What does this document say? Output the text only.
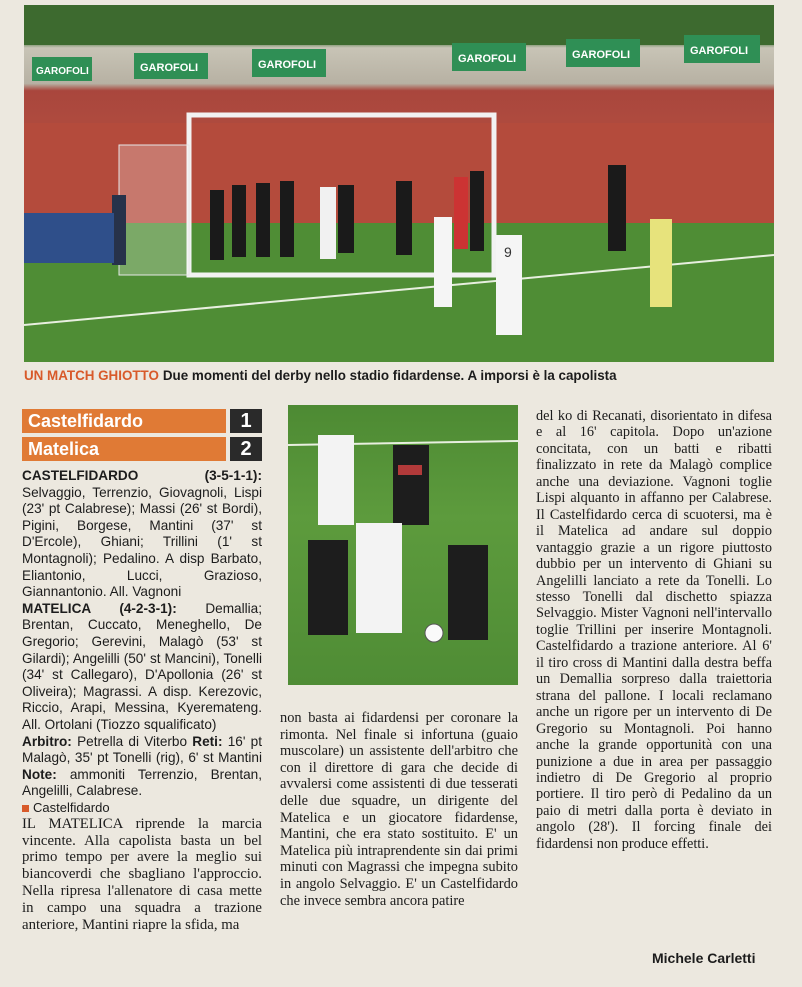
GAROFOLI	GAROFOLI	GAROFOLI	GAROFOLI	GAROFOLI	GAROFOLI
9
UN MATCH GHIOTTO Due momenti del derby nello stadio fidardense. A imporsi è la capolista
Castelfidardo	1
Matelica	2

CASTELFIDARDO (3-5-1-1): Selvaggio, Terrenzio, Giovagnoli, Lispi (23' pt Calabrese); Massi (26' st Bordi), Pigini, Borgese, Mantini (37' st D'Ercole), Ghiani; Trillini (1' st Montagnoli); Pedalino. A disp Barbato, Eliantonio, Lucci, Grazioso, Giannantonio. All. Vagnoni

MATELICA (4-2-3-1): Demallia; Brentan, Cuccato, Meneghello, De Gregorio; Gerevini, Malagò (53' st Gilardi); Angelilli (50' st Mancini), Tonelli (34' st Callegaro), D'Apollonia (26' st Oliveira); Magrassi. A disp. Kerezovic, Riccio, Arapi, Messina, Kyeremateng. All. Ortolani (Tiozzo squalificato)

Arbitro: Petrella di Viterbo Reti: 16' pt Malagò, 35' pt Tonelli (rig), 6' st Mantini Note: ammoniti Terrenzio, Brentan, Angelilli, Calabrese.

Castelfidardo

IL MATELICA riprende la marcia vincente. Alla capolista basta un bel primo tempo per avere la meglio sui biancoverdi che sbagliano l'approccio. Nella ripresa l'allenatore di casa mette in campo una squadra a trazione anteriore, Mantini riapre la sfida, ma

non basta ai fidardensi per coronare la rimonta. Nel finale si infortuna (guaio muscolare) un assistente dell'arbitro che con il direttore di gara che decide di avvalersi come assistenti di due tesserati delle due squadre, un dirigente del Matelica e un giocatore fidardense, Mantini, che era stato sostituito. E' un Matelica più intraprendente sin dai primi minuti con Magrassi che impegna subito in angolo Selvaggio. E' un Castelfidardo che invece sembra ancora patire

del ko di Recanati, disorientato in difesa e al 16' capitola. Dopo un'azione concitata, con un batti e ribatti finalizzato in rete da Malagò complice anche una deviazione. Vagnoni toglie Lispi alquanto in affanno per Calabrese. Il Castelfidardo cerca di scuotersi, ma è il Matelica ad andare sul doppio vantaggio grazie a un rigore piuttosto dubbio per un intervento di Ghiani su Angelilli lanciato a rete da Tonelli. Lo stesso Tonelli dal dischetto spiazza Selvaggio. Mister Vagnoni nell'intervallo toglie Trillini per inserire Montagnoli. Castelfidardo a trazione anteriore. Al 6' il tiro cross di Mantini dalla destra beffa un Demallia sorpreso dalla traiettoria strana del pallone. I locali reclamano anche un rigore per un intervento di De Gregorio su Montagnoli. Poi hanno anche la grande opportunità con una punizione a due in area per passaggio indietro di De Gregorio al proprio portiere. Il tiro però di Pedalino da un paio di metri dalla porta è deviato in angolo (28'). Il forcing finale dei fidardensi non produce effetti.

Michele Carletti
